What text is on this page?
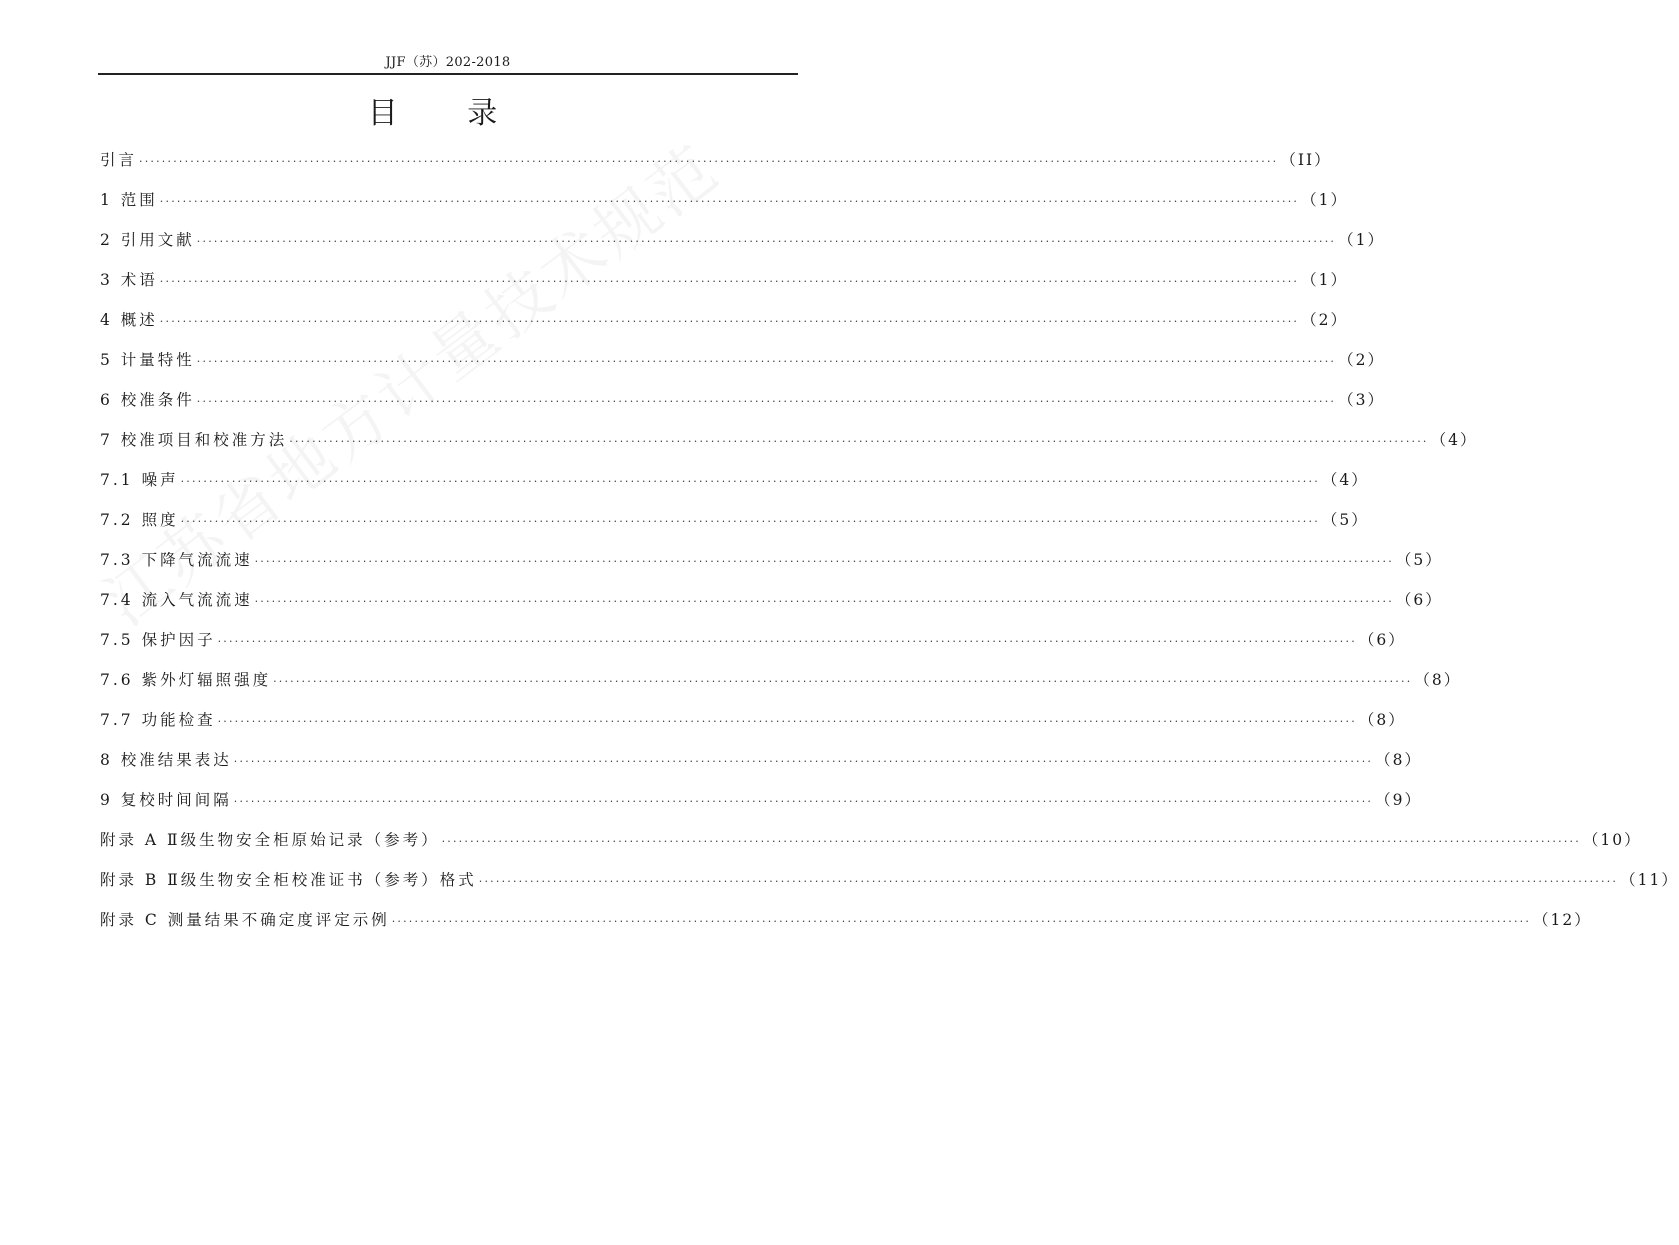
JJF（苏）202-2018
目 录
引言 ········································································································································································································ （II）
1 范围 ········································································································································································································ （1）
2 引用文献 ········································································································································································································ （1）
3 术语 ········································································································································································································ （1）
4 概述 ········································································································································································································ （2）
5 计量特性 ········································································································································································································ （2）
6 校准条件 ········································································································································································································ （3）
7 校准项目和校准方法 ········································································································································································································ （4）
7.1 噪声 ········································································································································································································ （4）
7.2 照度 ········································································································································································································ （5）
7.3 下降气流流速 ········································································································································································································ （5）
7.4 流入气流流速 ········································································································································································································ （6）
7.5 保护因子 ········································································································································································································ （6）
7.6 紫外灯辐照强度 ········································································································································································································ （8）
7.7 功能检查 ········································································································································································································ （8）
8 校准结果表达 ········································································································································································································ （8）
9 复校时间间隔 ········································································································································································································ （9）
附录 A Ⅱ级生物安全柜原始记录（参考） ········································································································································································································ （10）
附录 B Ⅱ级生物安全柜校准证书（参考）格式 ········································································································································································································ （11）
附录 C 测量结果不确定度评定示例 ········································································································································································································ （12）
